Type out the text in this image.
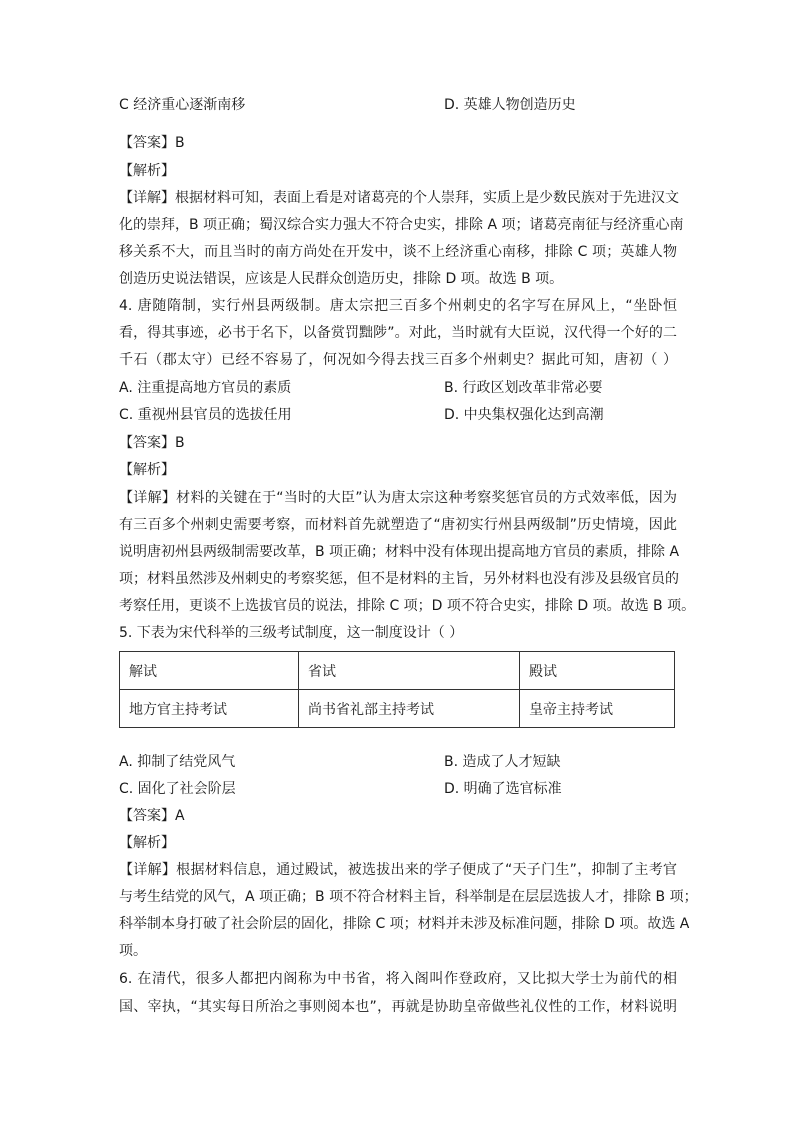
C 经济重心逐渐南移	D. 英雄人物创造历史
【答案】B
【解析】
【详解】根据材料可知，表面上看是对诸葛亮的个人崇拜，实质上是少数民族对于先进汉文
化的崇拜，B 项正确；蜀汉综合实力强大不符合史实，排除 A 项；诸葛亮南征与经济重心南
移关系不大，而且当时的南方尚处在开发中，谈不上经济重心南移，排除 C 项；英雄人物
创造历史说法错误，应该是人民群众创造历史，排除 D 项。故选 B 项。
4. 唐随隋制，实行州县两级制。唐太宗把三百多个州刺史的名字写在屏风上，“坐卧恒
看，得其事迹，必书于名下，以备赏罚黜陟”。对此，当时就有大臣说，汉代得一个好的二
千石（郡太守）已经不容易了，何况如今得去找三百多个州刺史？据此可知，唐初（ ）
A. 注重提高地方官员的素质	B. 行政区划改革非常必要
C. 重视州县官员的选拔任用	D. 中央集权强化达到高潮
【答案】B
【解析】
【详解】材料的关键在于“当时的大臣”认为唐太宗这种考察奖惩官员的方式效率低，因为
有三百多个州刺史需要考察，而材料首先就塑造了“唐初实行州县两级制”历史情境，因此
说明唐初州县两级制需要改革，B 项正确；材料中没有体现出提高地方官员的素质，排除 A
项；材料虽然涉及州刺史的考察奖惩，但不是材料的主旨，另外材料也没有涉及县级官员的
考察任用，更谈不上选拔官员的说法，排除 C 项；D 项不符合史实，排除 D 项。故选 B 项。
5. 下表为宋代科举的三级考试制度，这一制度设计（ ）
解试	省试	殿试
地方官主持考试	尚书省礼部主持考试	皇帝主持考试
A. 抑制了结党风气	B. 造成了人才短缺
C. 固化了社会阶层	D. 明确了选官标准
【答案】A
【解析】
【详解】根据材料信息，通过殿试，被选拔出来的学子便成了“天子门生”，抑制了主考官
与考生结党的风气，A 项正确；B 项不符合材料主旨，科举制是在层层选拔人才，排除 B 项；
科举制本身打破了社会阶层的固化，排除 C 项；材料并未涉及标准问题，排除 D 项。故选 A
项。
6. 在清代，很多人都把内阁称为中书省，将入阁叫作登政府，又比拟大学士为前代的相
国、宰执，“其实每日所治之事则阅本也”，再就是协助皇帝做些礼仪性的工作，材料说明
